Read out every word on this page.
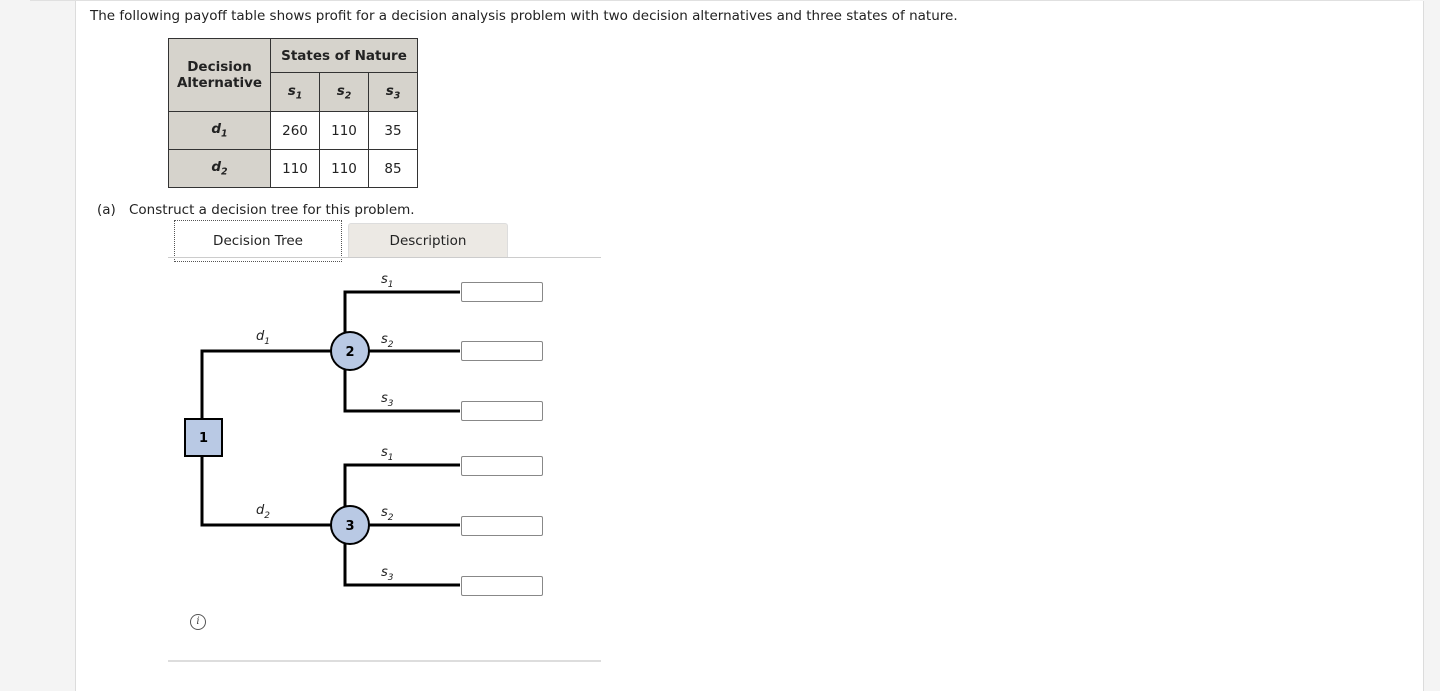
The following payoff table shows profit for a decision analysis problem with two decision alternatives and three states of nature.
Decision Alternative	States of Nature		
	$s_1$	$s_2$	$s_3$
$d_1$	260	110	35
$d_2$	110	110	85
(a) Construct a decision tree for this problem.
Decision Tree	Description
1
2
3
$d_1$
$d_2$
$s_1$
$s_2$
$s_3$
$s_1$
$s_2$
$s_3$
i
